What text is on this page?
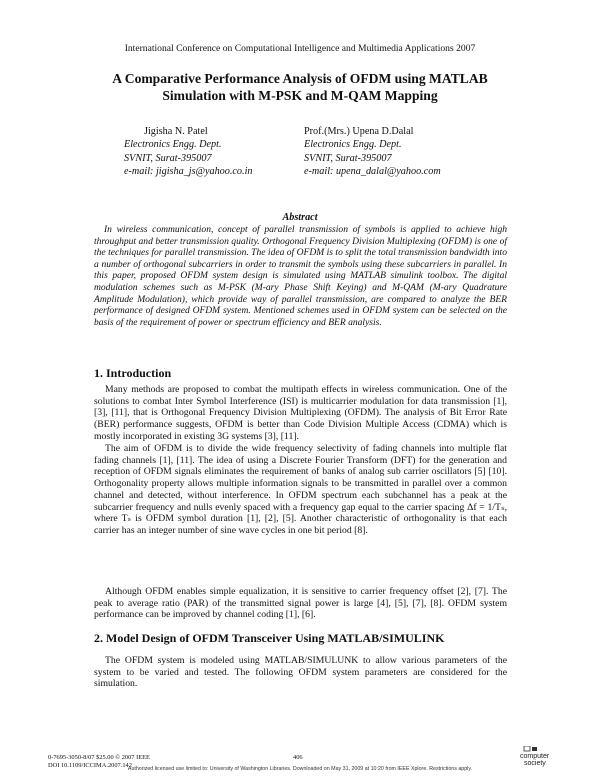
International Conference on Computational Intelligence and Multimedia Applications 2007
A Comparative Performance Analysis of OFDM using MATLAB
Simulation with M-PSK and M-QAM Mapping
Jigisha N. Patel
Electronics Engg. Dept.
SVNIT, Surat-395007
e-mail: jigisha_js@yahoo.co.in
Prof.(Mrs.) Upena D.Dalal
Electronics Engg. Dept.
SVNIT, Surat-395007
e-mail: upena_dalal@yahoo.com
Abstract
In wireless communication, concept of parallel transmission of symbols is applied to achieve high throughput and better transmission quality. Orthogonal Frequency Division Multiplexing (OFDM) is one of the techniques for parallel transmission. The idea of OFDM is to split the total transmission bandwidth into a number of orthogonal subcarriers in order to transmit the symbols using these subcarriers in parallel. In this paper, proposed OFDM system design is simulated using MATLAB simulink toolbox. The digital modulation schemes such as M-PSK (M-ary Phase Shift Keying) and M-QAM (M-ary Quadrature Amplitude Modulation), which provide way of parallel transmission, are compared to analyze the BER performance of designed OFDM system. Mentioned schemes used in OFDM system can be selected on the basis of the requirement of power or spectrum efficiency and BER analysis.
1. Introduction
Many methods are proposed to combat the multipath effects in wireless communication. One of the solutions to combat Inter Symbol Interference (ISI) is multicarrier modulation for data transmission [1], [3], [11], that is Orthogonal Frequency Division Multiplexing (OFDM). The analysis of Bit Error Rate (BER) performance suggests, OFDM is better than Code Division Multiple Access (CDMA) which is mostly incorporated in existing 3G systems [3], [11].
The aim of OFDM is to divide the wide frequency selectivity of fading channels into multiple flat fading channels [1], [11]. The idea of using a Discrete Fourier Transform (DFT) for the generation and reception of OFDM signals eliminates the requirement of banks of analog sub carrier oscillators [5] [10]. Orthogonality property allows multiple information signals to be transmitted in parallel over a common channel and detected, without interference. In OFDM spectrum each subchannel has a peak at the subcarrier frequency and nulls evenly spaced with a frequency gap equal to the carrier spacing Δf = 1/Tₛ, where Tₛ is OFDM symbol duration [1], [2], [5]. Another characteristic of orthogonality is that each carrier has an integer number of sine wave cycles in one bit period [8].
Although OFDM enables simple equalization, it is sensitive to carrier frequency offset [2], [7]. The peak to average ratio (PAR) of the transmitted signal power is large [4], [5], [7], [8]. OFDM system performance can be improved by channel coding [1], [6].
2. Model Design of OFDM Transceiver Using MATLAB/SIMULINK
The OFDM system is modeled using MATLAB/SIMULUNK to allow various parameters of the system to be varied and tested. The following OFDM system parameters are considered for the simulation.
0-7695-3050-8/07 $25.00 © 2007 IEEE
DOI 10.1109/ICCIMA.2007.142
406	computer
society
Authorized licensed use limited to: University of Washington Libraries. Downloaded on May 31, 2009 at 10:20 from IEEE Xplore. Restrictions apply.
